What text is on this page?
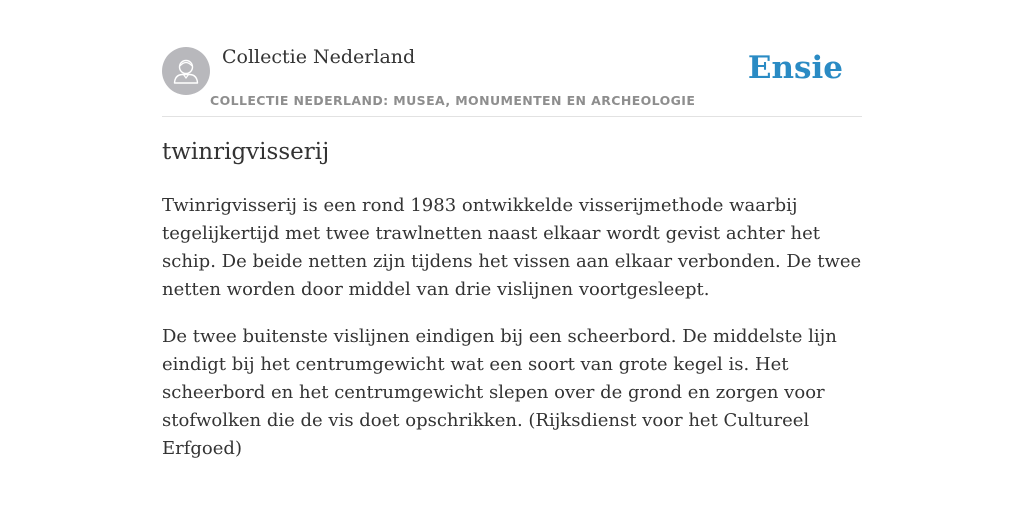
Collectie Nederland
COLLECTIE NEDERLAND: MUSEA, MONUMENTEN EN ARCHEOLOGIE
Ensie
twinrigvisserij

Twinrigvisserij is een rond 1983 ontwikkelde visserijmethode waarbij tegelijkertijd met twee trawlnetten naast elkaar wordt gevist achter het schip. De beide netten zijn tijdens het vissen aan elkaar verbonden. De twee netten worden door middel van drie vislijnen voortgesleept.

De twee buitenste vislijnen eindigen bij een scheerbord. De middelste lijn eindigt bij het centrumgewicht wat een soort van grote kegel is. Het scheerbord en het centrumgewicht slepen over de grond en zorgen voor stofwolken die de vis doet opschrikken. (Rijksdienst voor het Cultureel Erfgoed)
